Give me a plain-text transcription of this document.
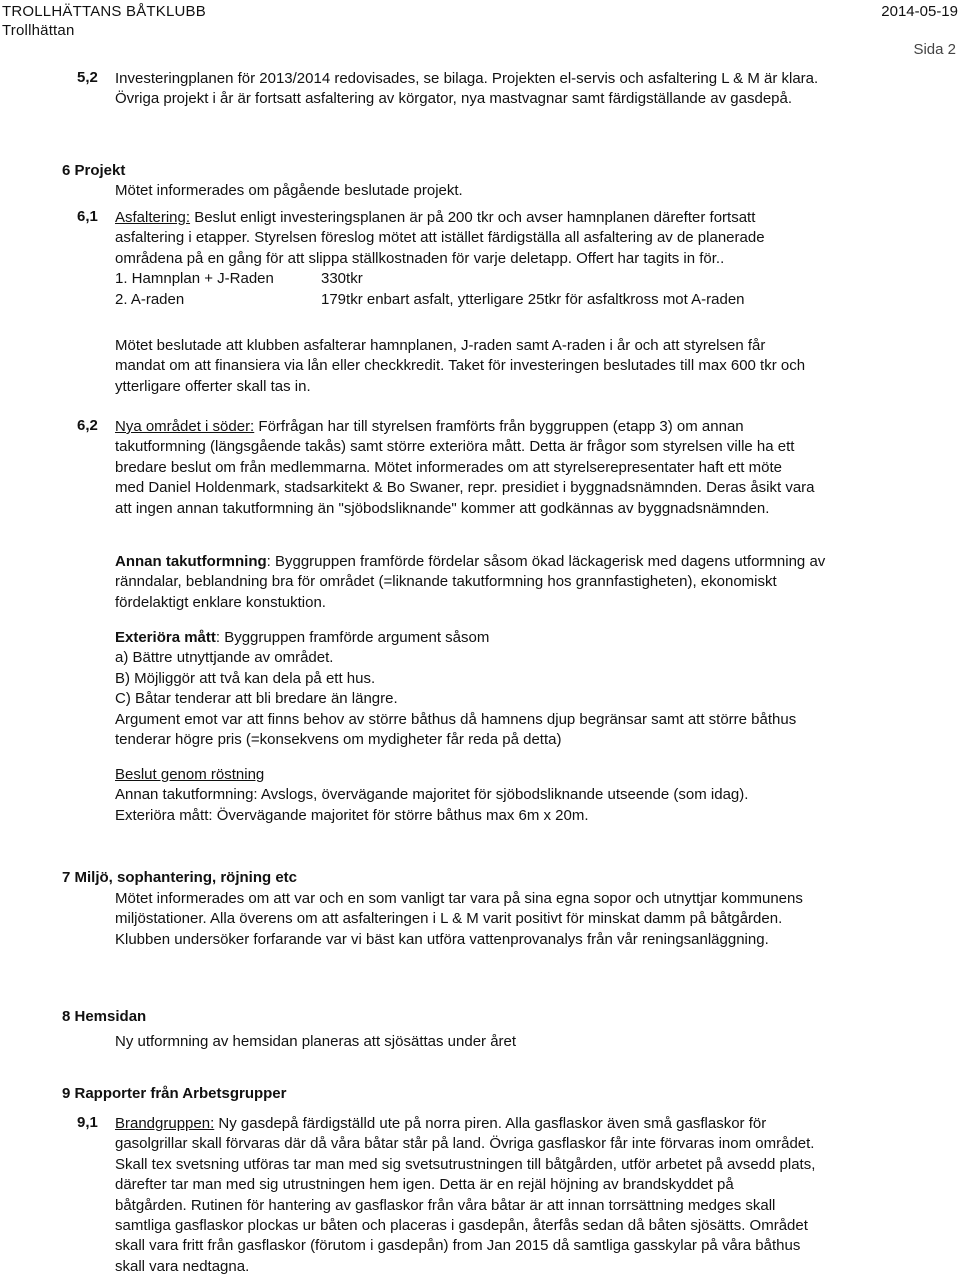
TROLLHÄTTANS BÅTKLUBB
Trollhättan
2014-05-19
Sida 2
5,2 Investeringplanen för 2013/2014 redovisades, se bilaga. Projekten el-servis och asfaltering L & M är klara.
Övriga projekt i år är fortsatt asfaltering av körgator, nya mastvagnar samt färdigställande av gasdepå.
6 Projekt
Mötet informerades om pågående beslutade projekt.
6,1 Asfaltering: Beslut enligt investeringsplanen är på 200 tkr och avser hamnplanen därefter fortsatt
asfaltering i etapper. Styrelsen föreslog mötet att istället färdigställa all asfaltering av de planerade
områdena på en gång för att slippa ställkostnaden för varje deletapp. Offert har tagits in för..
1. Hamnplan + J-Raden	330tkr
2. A-raden	179tkr enbart asfalt, ytterligare 25tkr för asfaltkross mot A-raden
Mötet beslutade att klubben asfalterar hamnplanen, J-raden samt A-raden i år och att styrelsen får
mandat om att finansiera via lån eller checkkredit. Taket för investeringen beslutades till max 600 tkr och
ytterligare offerter skall tas in.
6,2 Nya området i söder: Förfrågan har till styrelsen framförts från byggruppen (etapp 3) om annan
takutformning (längsgående takås) samt större exteriöra mått. Detta är frågor som styrelsen ville ha ett
bredare beslut om från medlemmarna. Mötet informerades om att styrelserepresentater haft ett möte
med Daniel Holdenmark, stadsarkitekt & Bo Swaner, repr. presidiet i byggnadsnämnden. Deras åsikt vara
att ingen annan takutformning än "sjöbodsliknande" kommer att godkännas av byggnadsnämnden.
Annan takutformning: Byggruppen framförde fördelar såsom ökad läckagerisk med dagens utformning av
ränndalar, beblandning bra för området (=liknande takutformning hos grannfastigheten), ekonomiskt
fördelaktigt enklare konstuktion.
Exteriöra mått: Byggruppen framförde argument såsom
a) Bättre utnyttjande av området.
B) Möjliggör att två kan dela på ett hus.
C) Båtar tenderar att bli bredare än längre.
Argument emot var att finns behov av större båthus då hamnens djup begränsar samt att större båthus
tenderar högre pris (=konsekvens om mydigheter får reda på detta)
Beslut genom röstning
Annan takutformning: Avslogs, övervägande majoritet för sjöbodsliknande utseende (som idag).
Exteriöra mått: Övervägande majoritet för större båthus max 6m x 20m.
7 Miljö, sophantering, röjning etc
Mötet informerades om att var och en som vanligt tar vara på sina egna sopor och utnyttjar kommunens
miljöstationer. Alla överens om att asfalteringen i L & M varit positivt för minskat damm på båtgården.
Klubben undersöker forfarande var vi bäst kan utföra vattenprovanalys från vår reningsanläggning.
8 Hemsidan
Ny utformning av hemsidan planeras att sjösättas under året
9 Rapporter från Arbetsgrupper
9,1 Brandgruppen: Ny gasdepå färdigställd ute på norra piren. Alla gasflaskor även små gasflaskor för
gasolgrillar skall förvaras där då våra båtar står på land. Övriga gasflaskor får inte förvaras inom området.
Skall tex svetsning utföras tar man med sig svetsutrustningen till båtgården, utför arbetet på avsedd plats,
därefter tar man med sig utrustningen hem igen. Detta är en rejäl höjning av brandskyddet på
båtgården. Rutinen för hantering av gasflaskor från våra båtar är att innan torrsättning medges skall
samtliga gasflaskor plockas ur båten och placeras i gasdepån, återfås sedan då båten sjösätts. Området
skall vara fritt från gasflaskor (förutom i gasdepån) from Jan 2015 då samtliga gasskylar på våra båthus
skall vara nedtagna.
